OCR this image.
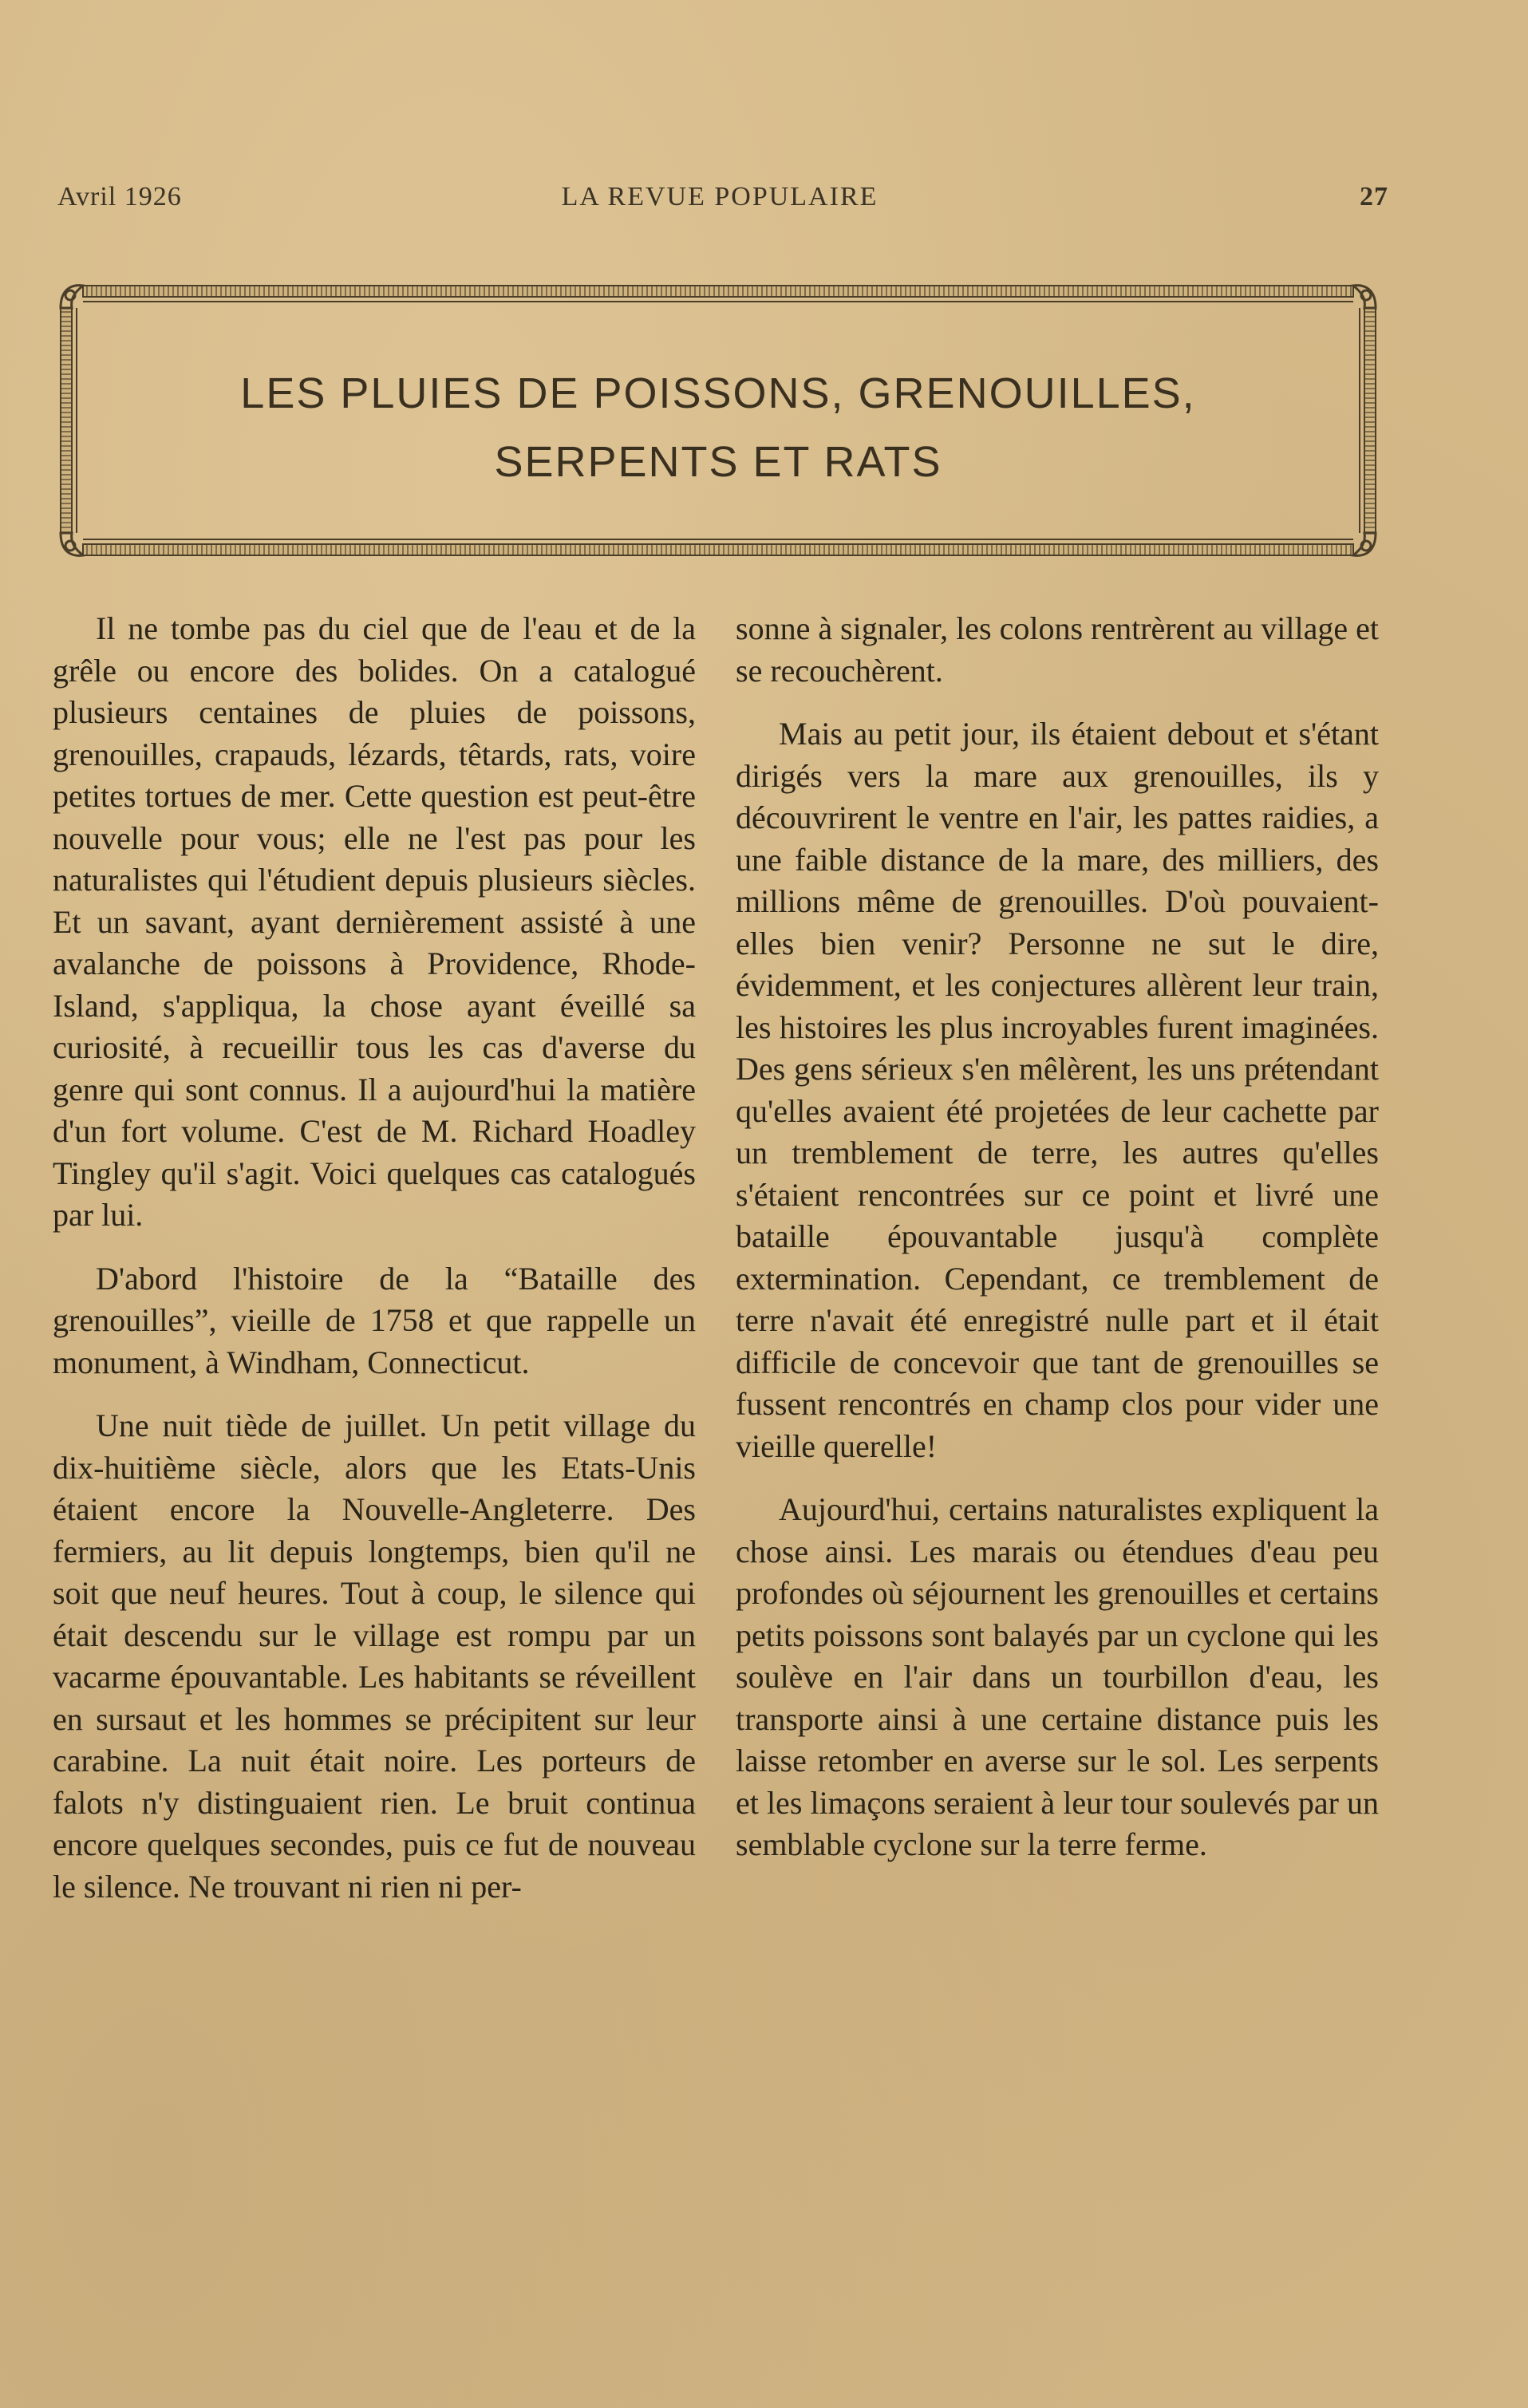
Avril 1926	LA REVUE POPULAIRE	27
LES PLUIES DE POISSONS, GRENOUILLES,
SERPENTS ET RATS

Il ne tombe pas du ciel que de l'eau et de la grêle ou encore des bolides. On a catalogué plusieurs centaines de pluies de poissons, grenouilles, crapauds, lézards, têtards, rats, voire petites tortues de mer. Cette question est peut-être nouvelle pour vous; elle ne l'est pas pour les naturalistes qui l'étudient depuis plusieurs siècles. Et un savant, ayant dernièrement assisté à une avalanche de poissons à Providence, Rhode-Island, s'appliqua, la chose ayant éveillé sa curiosité, à recueillir tous les cas d'averse du genre qui sont connus. Il a aujourd'hui la matière d'un fort volume. C'est de M. Richard Hoadley Tingley qu'il s'agit. Voici quelques cas catalogués par lui.

D'abord l'histoire de la “Bataille des grenouilles”, vieille de 1758 et que rappelle un monument, à Windham, Connecticut.

Une nuit tiède de juillet. Un petit village du dix-huitième siècle, alors que les Etats-Unis étaient encore la Nouvelle-Angleterre. Des fermiers, au lit depuis longtemps, bien qu'il ne soit que neuf heures. Tout à coup, le silence qui était descendu sur le village est rompu par un vacarme épouvantable. Les habitants se réveillent en sursaut et les hommes se précipitent sur leur carabine. La nuit était noire. Les porteurs de falots n'y distinguaient rien. Le bruit continua encore quelques secondes, puis ce fut de nouveau le silence. Ne trouvant ni rien ni per-

sonne à signaler, les colons rentrèrent au village et se recouchèrent.

Mais au petit jour, ils étaient debout et s'étant dirigés vers la mare aux grenouilles, ils y découvrirent le ventre en l'air, les pattes raidies, a une faible distance de la mare, des milliers, des millions même de grenouilles. D'où pouvaient-elles bien venir? Personne ne sut le dire, évidemment, et les conjectures allèrent leur train, les histoires les plus incroyables furent imaginées. Des gens sérieux s'en mêlèrent, les uns prétendant qu'elles avaient été projetées de leur cachette par un tremblement de terre, les autres qu'elles s'étaient rencontrées sur ce point et livré une bataille épouvantable jusqu'à complète extermination. Cependant, ce tremblement de terre n'avait été enregistré nulle part et il était difficile de concevoir que tant de grenouilles se fussent rencontrés en champ clos pour vider une vieille querelle!

Aujourd'hui, certains naturalistes expliquent la chose ainsi. Les marais ou étendues d'eau peu profondes où séjournent les grenouilles et certains petits poissons sont balayés par un cyclone qui les soulève en l'air dans un tourbillon d'eau, les transporte ainsi à une certaine distance puis les laisse retomber en averse sur le sol. Les serpents et les limaçons seraient à leur tour soulevés par un semblable cyclone sur la terre ferme.
